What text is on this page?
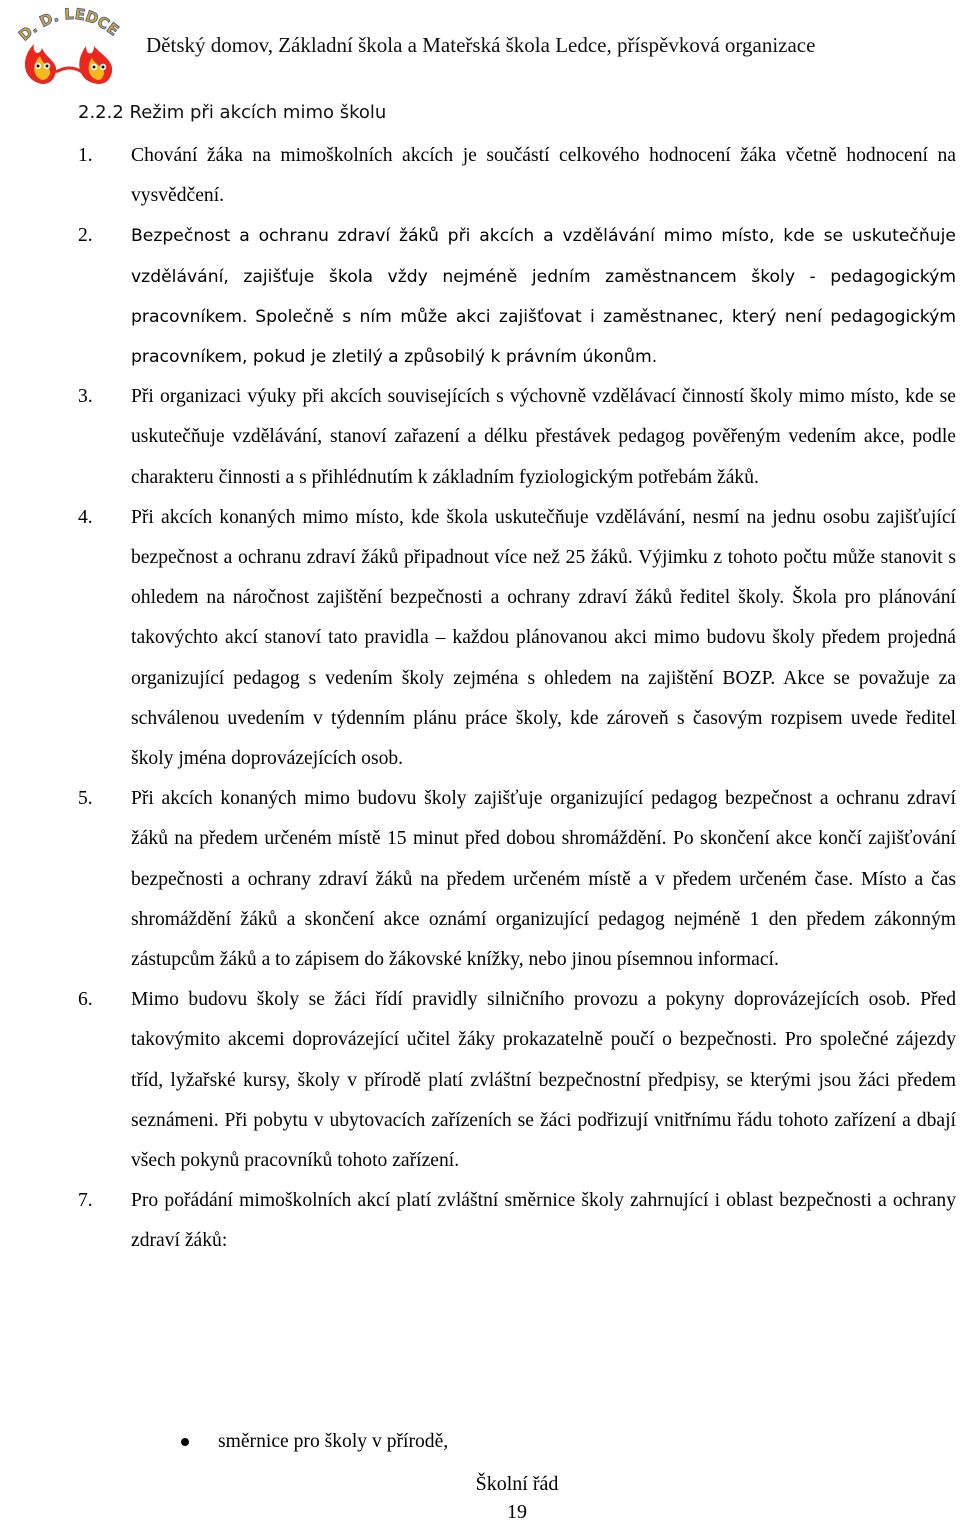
D. D. LEDCE
Dětský domov, Základní škola a Mateřská škola Ledce, příspěvková organizace
2.2.2 Režim při akcích mimo školu
1. Chování žáka na mimoškolních akcích je součástí celkového hodnocení žáka včetně hodnocení na vysvědčení.
2. Bezpečnost a ochranu zdraví žáků při akcích a vzdělávání mimo místo, kde se uskutečňuje vzdělávání, zajišťuje škola vždy nejméně jedním zaměstnancem školy - pedagogickým pracovníkem. Společně s ním může akci zajišťovat i zaměstnanec, který není pedagogickým pracovníkem, pokud je zletilý a způsobilý k právním úkonům.
3. Při organizaci výuky při akcích souvisejících s výchovně vzdělávací činností školy mimo místo, kde se uskutečňuje vzdělávání, stanoví zařazení a délku přestávek pedagog pověřeným vedením akce, podle charakteru činnosti a s přihlédnutím k základním fyziologickým potřebám žáků.
4. Při akcích konaných mimo místo, kde škola uskutečňuje vzdělávání, nesmí na jednu osobu zajišťující bezpečnost a ochranu zdraví žáků připadnout více než 25 žáků. Výjimku z tohoto počtu může stanovit s ohledem na náročnost zajištění bezpečnosti a ochrany zdraví žáků ředitel školy. Škola pro plánování takovýchto akcí stanoví tato pravidla – každou plánovanou akci mimo budovu školy předem projedná organizující pedagog s vedením školy zejména s ohledem na zajištění BOZP. Akce se považuje za schválenou uvedením v týdenním plánu práce školy, kde zároveň s časovým rozpisem uvede ředitel školy jména doprovázejících osob.
5. Při akcích konaných mimo budovu školy zajišťuje organizující pedagog bezpečnost a ochranu zdraví žáků na předem určeném místě 15 minut před dobou shromáždění. Po skončení akce končí zajišťování bezpečnosti a ochrany zdraví žáků na předem určeném místě a v předem určeném čase. Místo a čas shromáždění žáků a skončení akce oznámí organizující pedagog nejméně 1 den předem zákonným zástupcům žáků a to zápisem do žákovské knížky, nebo jinou písemnou informací.
6. Mimo budovu školy se žáci řídí pravidly silničního provozu a pokyny doprovázejících osob. Před takovýmito akcemi doprovázející učitel žáky prokazatelně poučí o bezpečnosti. Pro společné zájezdy tříd, lyžařské kursy, školy v přírodě platí zvláštní bezpečnostní předpisy, se kterými jsou žáci předem seznámeni. Při pobytu v ubytovacích zařízeních se žáci podřizují vnitřnímu řádu tohoto zařízení a dbají všech pokynů pracovníků tohoto zařízení.
7. Pro pořádání mimoškolních akcí platí zvláštní směrnice školy zahrnující i oblast bezpečnosti a ochrany zdraví žáků:
směrnice pro školy v přírodě,
Školní řád
19
